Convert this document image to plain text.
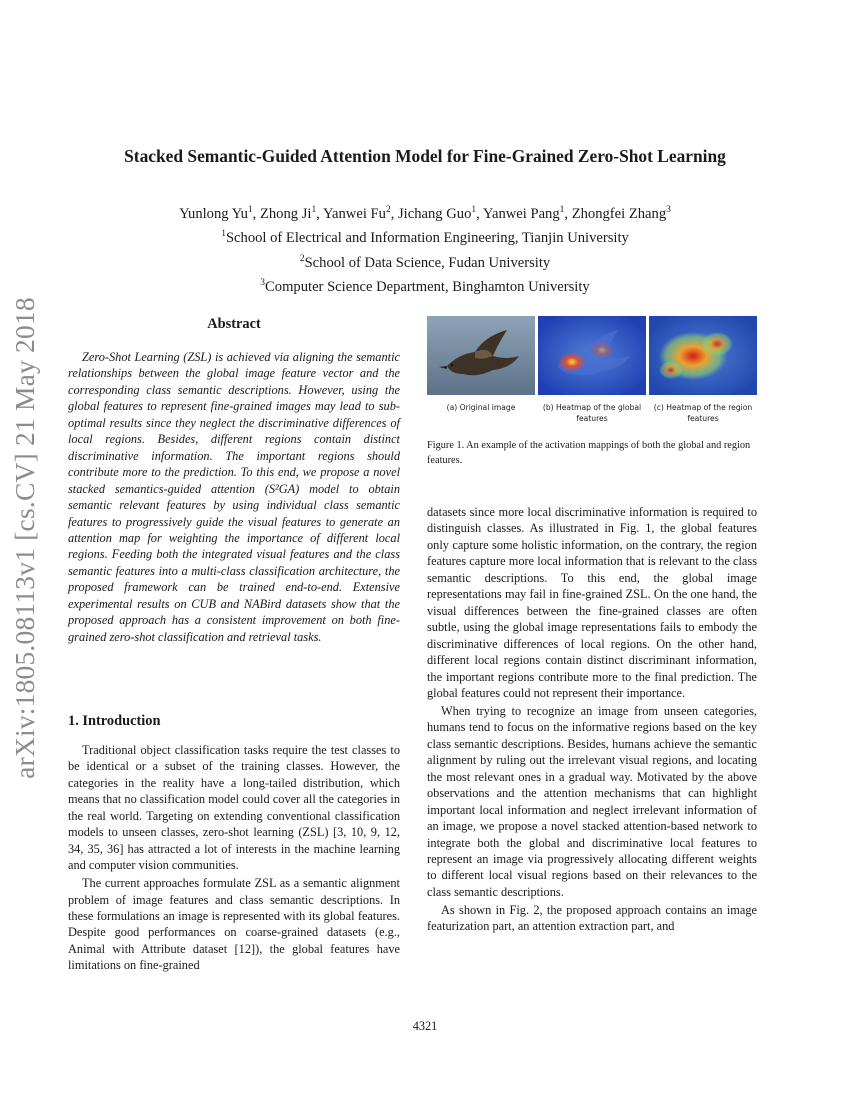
arXiv:1805.08113v1 [cs.CV] 21 May 2018
Stacked Semantic-Guided Attention Model for Fine-Grained Zero-Shot Learning
Yunlong Yu$^1$, Zhong Ji$^1$, Yanwei Fu$^2$, Jichang Guo$^1$, Yanwei Pang$^1$, Zhongfei Zhang$^3$
$^1$School of Electrical and Information Engineering, Tianjin University
$^2$School of Data Science, Fudan University
$^3$Computer Science Department, Binghamton University
Abstract

Zero-Shot Learning (ZSL) is achieved via aligning the semantic relationships between the global image feature vector and the corresponding class semantic descriptions. However, using the global features to represent fine-grained images may lead to sub-optimal results since they neglect the discriminative differences of local regions. Besides, different regions contain distinct discriminative information. The important regions should contribute more to the prediction. To this end, we propose a novel stacked semantics-guided attention (S²GA) model to obtain semantic relevant features by using individual class semantic features to progressively guide the visual features to generate an attention map for weighting the importance of different local regions. Feeding both the integrated visual features and the class semantic features into a multi-class classification architecture, the proposed framework can be trained end-to-end. Extensive experimental results on CUB and NABird datasets show that the proposed approach has a consistent improvement on both fine-grained zero-shot classification and retrieval tasks.

1. Introduction

Traditional object classification tasks require the test classes to be identical or a subset of the training classes. However, the categories in the reality have a long-tailed distribution, which means that no classification model could cover all the categories in the real world. Targeting on extending conventional classification models to unseen classes, zero-shot learning (ZSL) [3, 10, 9, 12, 34, 35, 36] has attracted a lot of interests in the machine learning and computer vision communities.

The current approaches formulate ZSL as a semantic alignment problem of image features and class semantic descriptions. In these formulations an image is represented with its global features. Despite good performances on coarse-grained datasets (e.g., Animal with Attribute dataset [12]), the global features have limitations on fine-grained

(a) Original image	(b) Heatmap of the global features
(c) Heatmap of the region features
Figure 1. An example of the activation mappings of both the global and region features.

datasets since more local discriminative information is required to distinguish classes. As illustrated in Fig. 1, the global features only capture some holistic information, on the contrary, the region features capture more local information that is relevant to the class semantic descriptions. To this end, the global image representations may fail in fine-grained ZSL. On the one hand, the visual differences between the fine-grained classes are often subtle, using the global image representations fails to embody the discriminative differences of local regions. On the other hand, different local regions contain distinct discriminant information, the important regions contribute more to the final prediction. The global features could not represent their importance.

When trying to recognize an image from unseen categories, humans tend to focus on the informative regions based on the key class semantic descriptions. Besides, humans achieve the semantic alignment by ruling out the irrelevant visual regions, and locating the most relevant ones in a gradual way. Motivated by the above observations and the attention mechanisms that can highlight important local information and neglect irrelevant information of an image, we propose a novel stacked attention-based network to integrate both the global and discriminative local features to represent an image via progressively allocating different weights to different local visual regions based on their relevances to the class semantic descriptions.

As shown in Fig. 2, the proposed approach contains an image featurization part, an attention extraction part, and

4321
